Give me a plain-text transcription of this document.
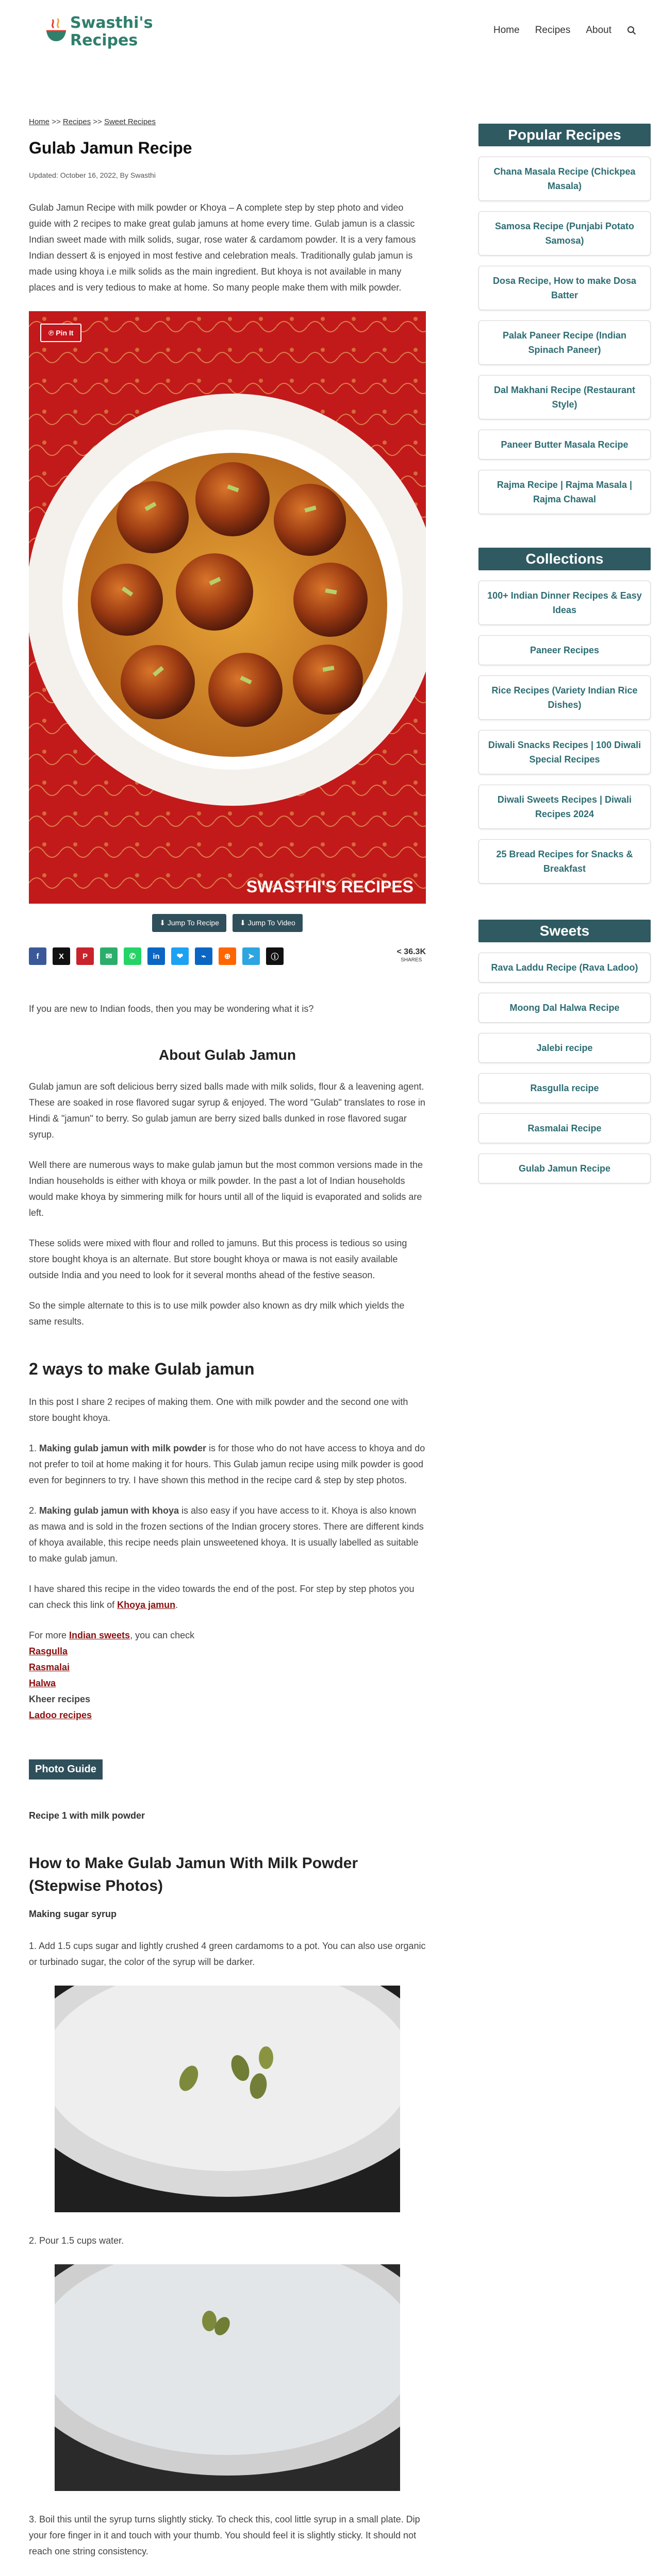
Swasthi's
Recipes
Home Recipes About
Home >> Recipes >> Sweet Recipes
Gulab Jamun Recipe
Updated: October 16, 2022, By Swasthi

Gulab Jamun Recipe with milk powder or Khoya – A complete step by step photo and video guide with 2 recipes to make great gulab jamuns at home every time. Gulab jamun is a classic Indian sweet made with milk solids, sugar, rose water & cardamom powder. It is a very famous Indian dessert & is enjoyed in most festive and celebration meals. Traditionally gulab jamun is made using khoya i.e milk solids as the main ingredient. But khoya is not available in many places and is very tedious to make at home. So many people make them with milk powder.

℗ Pin It
SWASTHI'S RECIPES
⬇ Jump To Recipe	⬇ Jump To Video
f	X	P	✉	✆	in	❤	⌁	⊕	➤	ⓘ
< 36.3K
SHARES

If you are new to Indian foods, then you may be wondering what it is?

About Gulab Jamun

Gulab jamun are soft delicious berry sized balls made with milk solids, flour & a leavening agent. These are soaked in rose flavored sugar syrup & enjoyed. The word "Gulab" translates to rose in Hindi & "jamun" to berry. So gulab jamun are berry sized balls dunked in rose flavored sugar syrup.

Well there are numerous ways to make gulab jamun but the most common versions made in the Indian households is either with khoya or milk powder. In the past a lot of Indian households would make khoya by simmering milk for hours until all of the liquid is evaporated and solids are left.

These solids were mixed with flour and rolled to jamuns. But this process is tedious so using store bought khoya is an alternate. But store bought khoya or mawa is not easily available outside India and you need to look for it several months ahead of the festive season.

So the simple alternate to this is to use milk powder also known as dry milk which yields the same results.

2 ways to make Gulab jamun

In this post I share 2 recipes of making them. One with milk powder and the second one with store bought khoya.

1. Making gulab jamun with milk powder is for those who do not have access to khoya and do not prefer to toil at home making it for hours. This Gulab jamun recipe using milk powder is good even for beginners to try. I have shown this method in the recipe card & step by step photos.

2. Making gulab jamun with khoya is also easy if you have access to it. Khoya is also known as mawa and is sold in the frozen sections of the Indian grocery stores. There are different kinds of khoya available, this recipe needs plain unsweetened khoya. It is usually labelled as suitable to make gulab jamun.

I have shared this recipe in the video towards the end of the post. For step by step photos you can check this link of Khoya jamun.

For more Indian sweets, you can check
Rasgulla
Rasmalai
Halwa
Kheer recipes
Ladoo recipes
Photo Guide
Recipe 1 with milk powder
How to Make Gulab Jamun With Milk Powder (Stepwise Photos)
Making sugar syrup

1. Add 1.5 cups sugar and lightly crushed 4 green cardamoms to a pot. You can also use organic or turbinado sugar, the color of the syrup will be darker.

2. Pour 1.5 cups water.

3. Boil this until the syrup turns slightly sticky. To check this, cool little syrup in a small plate. Dip your fore finger in it and touch with your thumb. You should feel it is slightly sticky. It should not reach one string consistency.

Popular Recipes
Chana Masala Recipe (Chickpea Masala)
Samosa Recipe (Punjabi Potato Samosa)
Dosa Recipe, How to make Dosa Batter
Palak Paneer Recipe (Indian Spinach Paneer)
Dal Makhani Recipe (Restaurant Style)
Paneer Butter Masala Recipe
Rajma Recipe | Rajma Masala | Rajma Chawal
Collections
100+ Indian Dinner Recipes & Easy Ideas
Paneer Recipes
Rice Recipes (Variety Indian Rice Dishes)
Diwali Snacks Recipes | 100 Diwali Special Recipes
Diwali Sweets Recipes | Diwali Recipes 2024
25 Bread Recipes for Snacks & Breakfast
Sweets
Rava Laddu Recipe (Rava Ladoo)
Moong Dal Halwa Recipe
Jalebi recipe
Rasgulla recipe
Rasmalai Recipe
Gulab Jamun Recipe
